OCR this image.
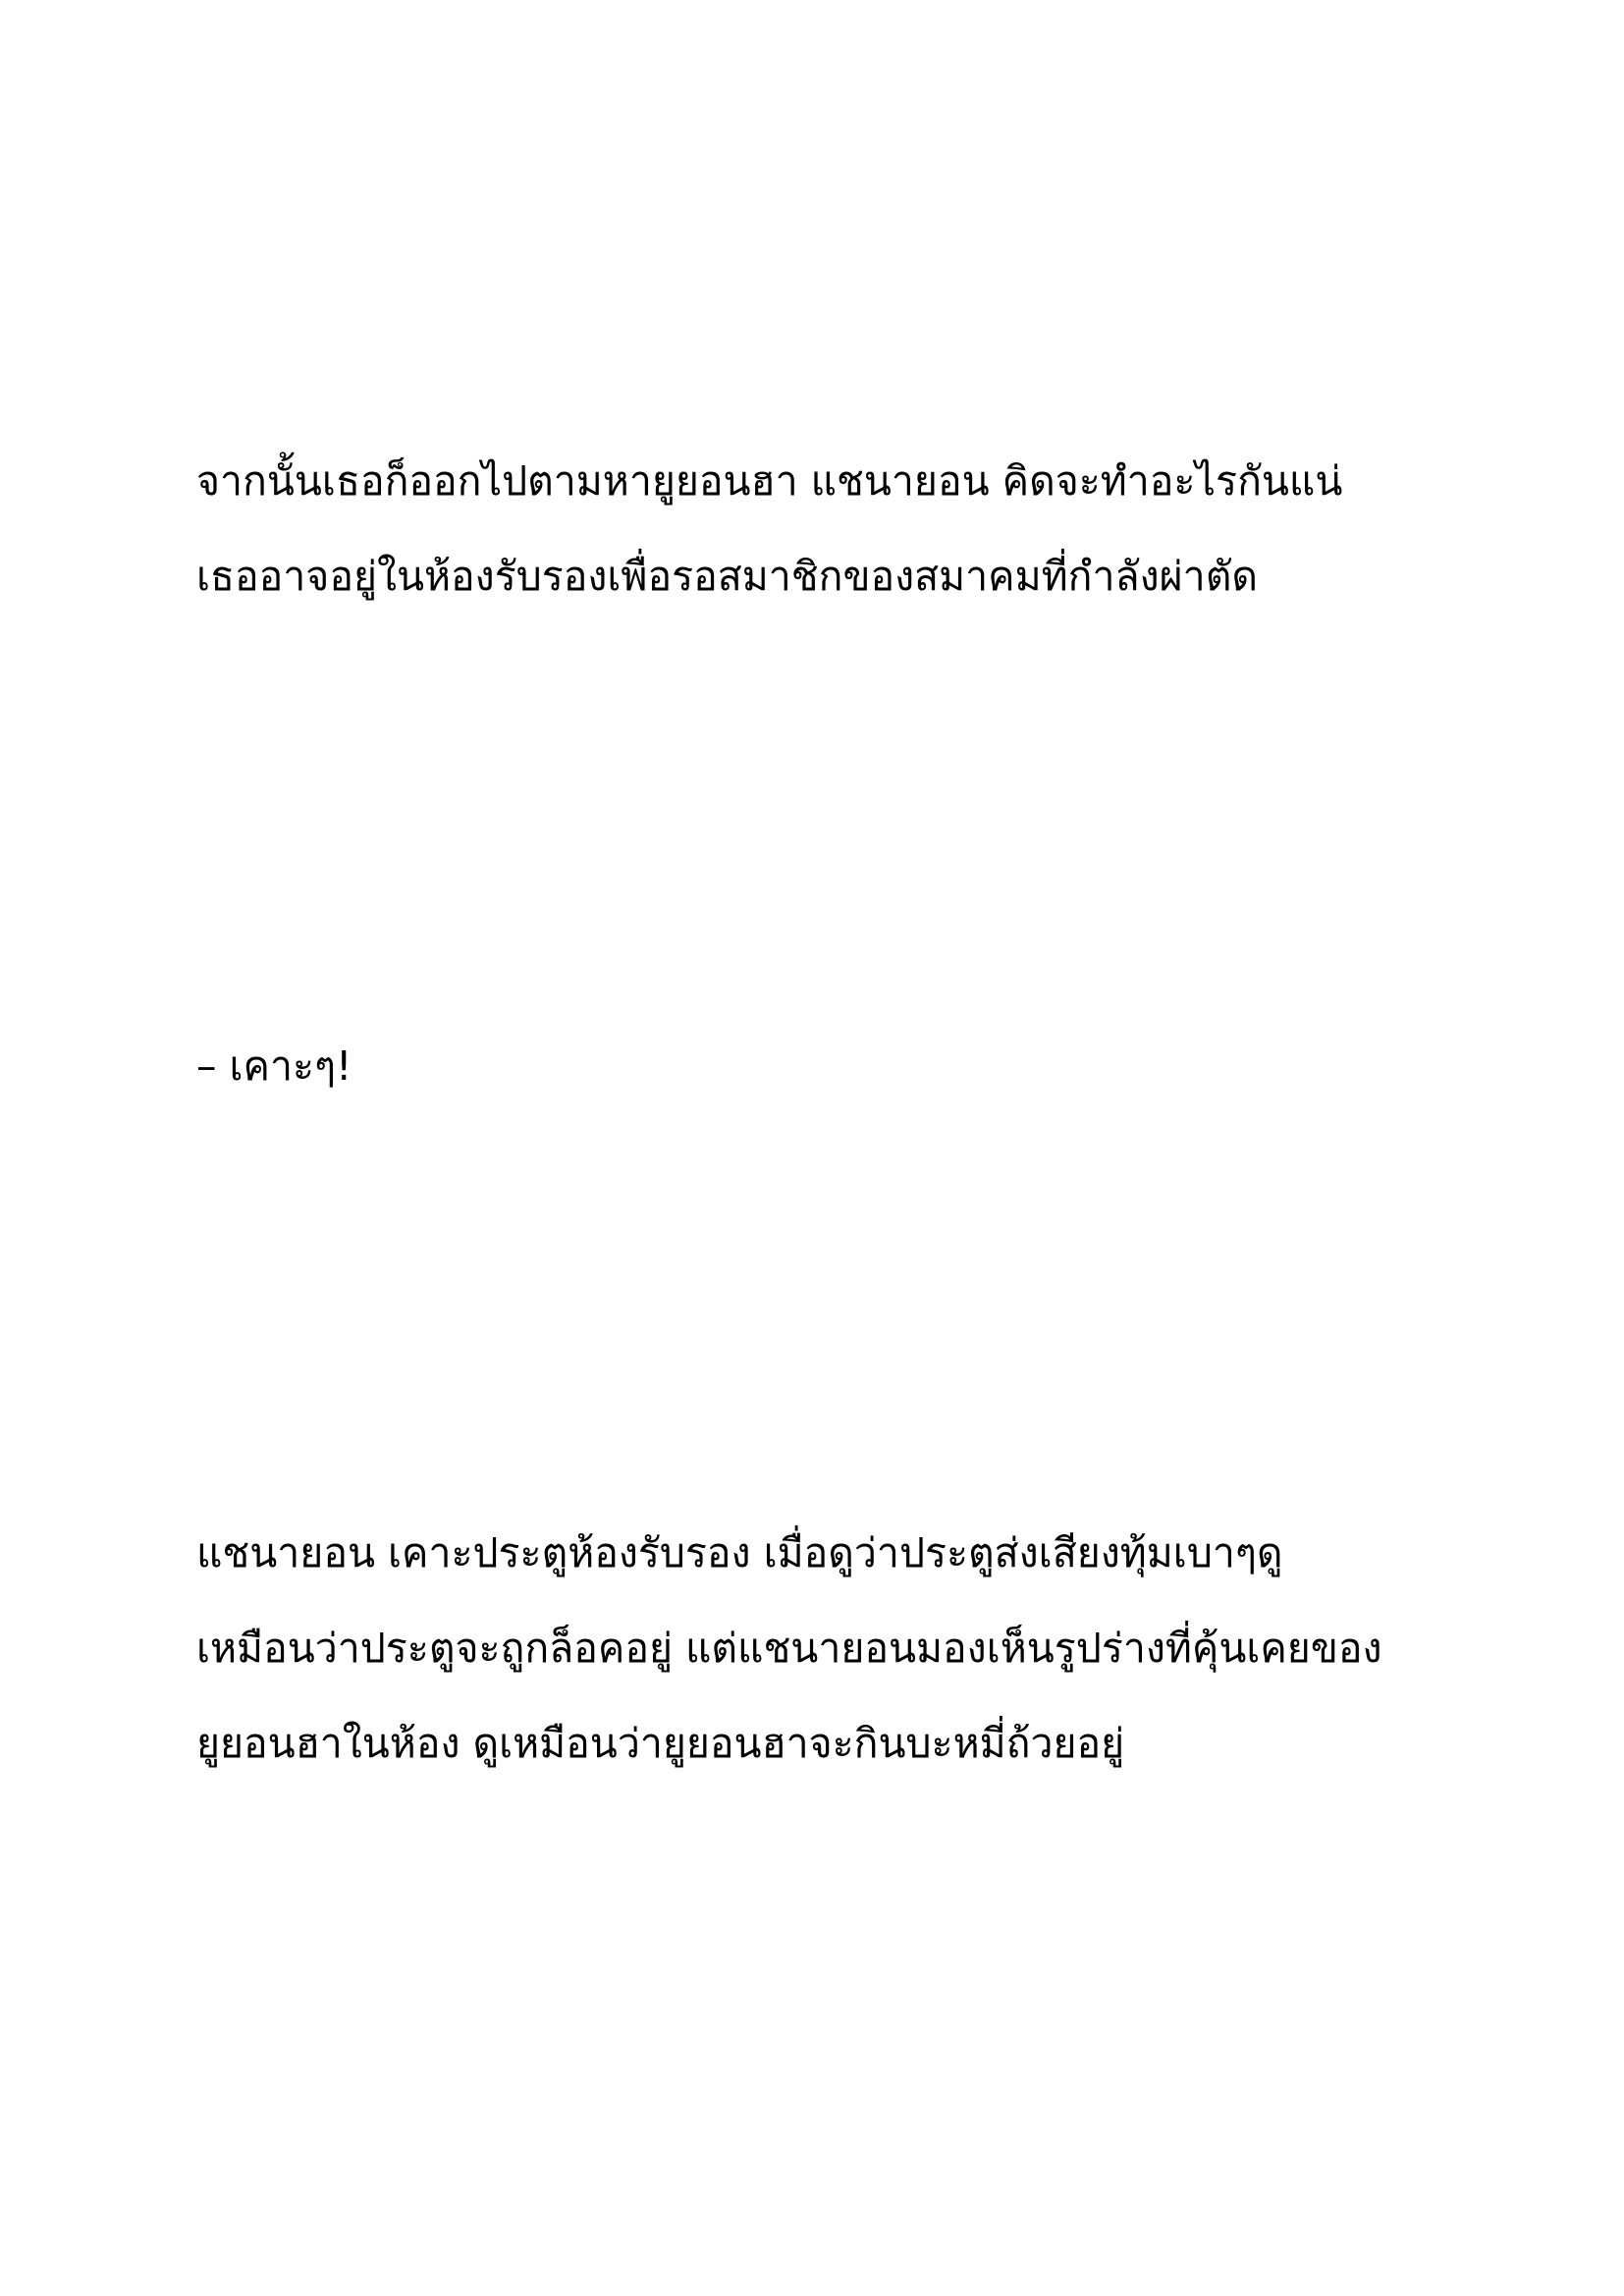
จากนั้นเธอก็ออกไปตามหายูยอนฮา แชนายอน คิดจะทำอะไรกันแน่
เธออาจอยู่ในห้องรับรองเพื่อรอสมาชิกของสมาคมที่กำลังผ่าตัด
– เคาะๆ!
แชนายอน เคาะประตูห้องรับรอง เมื่อดูว่าประตูส่งเสียงทุ้มเบาๆดู
เหมือนว่าประตูจะถูกล็อคอยู่ แต่แชนายอนมองเห็นรูปร่างที่คุ้นเคยของ
ยูยอนฮาในห้อง ดูเหมือนว่ายูยอนฮาจะกินบะหมี่ถ้วยอยู่
